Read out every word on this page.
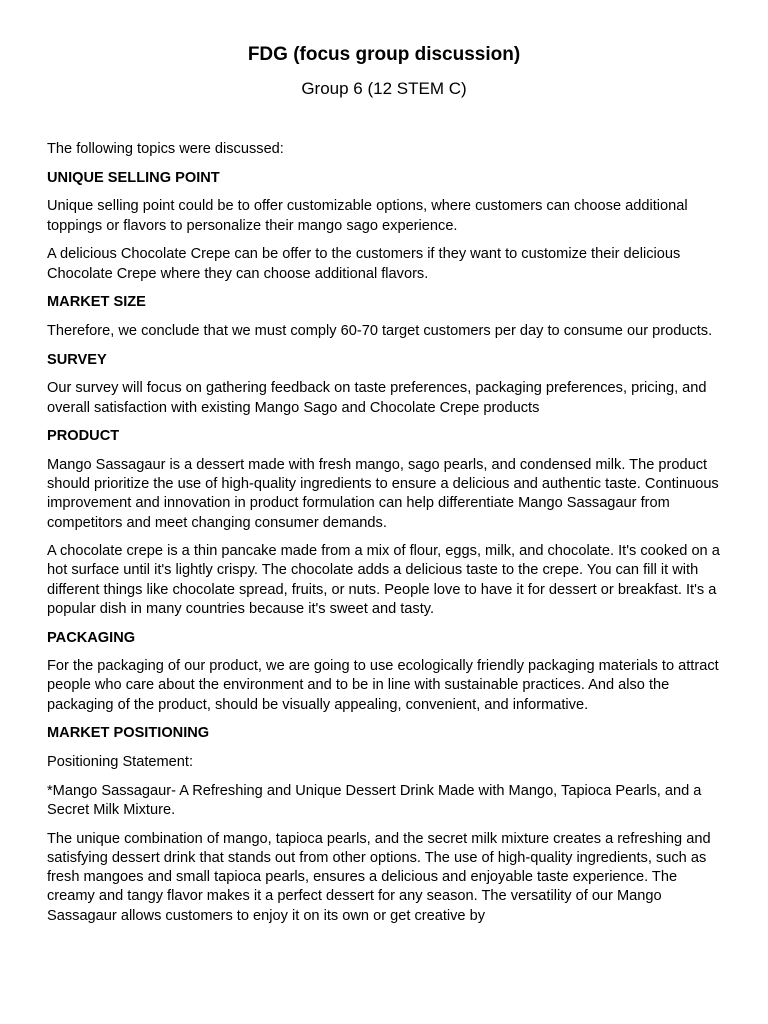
FDG (focus group discussion)
Group 6 (12 STEM C)

The following topics were discussed:

UNIQUE SELLING POINT

Unique selling point could be to offer customizable options, where customers can choose additional toppings or flavors to personalize their mango sago experience.

A delicious Chocolate Crepe can be offer to the customers if they want to customize their delicious Chocolate Crepe where they can choose additional flavors.

MARKET SIZE

Therefore, we conclude that we must comply 60-70 target customers per day to consume our products.

SURVEY

Our survey will focus on gathering feedback on taste preferences, packaging preferences, pricing, and overall satisfaction with existing Mango Sago and Chocolate Crepe products

PRODUCT

Mango Sassagaur is a dessert made with fresh mango, sago pearls, and condensed milk. The product should prioritize the use of high-quality ingredients to ensure a delicious and authentic taste. Continuous improvement and innovation in product formulation can help differentiate Mango Sassagaur from competitors and meet changing consumer demands.

A chocolate crepe is a thin pancake made from a mix of flour, eggs, milk, and chocolate. It's cooked on a hot surface until it's lightly crispy. The chocolate adds a delicious taste to the crepe. You can fill it with different things like chocolate spread, fruits, or nuts. People love to have it for dessert or breakfast. It's a popular dish in many countries because it's sweet and tasty.

PACKAGING

For the packaging of our product, we are going to use ecologically friendly packaging materials to attract people who care about the environment and to be in line with sustainable practices. And also the packaging of the product, should be visually appealing, convenient, and informative.

MARKET POSITIONING

Positioning Statement:

*Mango Sassagaur- A Refreshing and Unique Dessert Drink Made with Mango, Tapioca Pearls, and a Secret Milk Mixture.

The unique combination of mango, tapioca pearls, and the secret milk mixture creates a refreshing and satisfying dessert drink that stands out from other options. The use of high-quality ingredients, such as fresh mangoes and small tapioca pearls, ensures a delicious and enjoyable taste experience. The creamy and tangy flavor makes it a perfect dessert for any season. The versatility of our Mango Sassagaur allows customers to enjoy it on its own or get creative by
